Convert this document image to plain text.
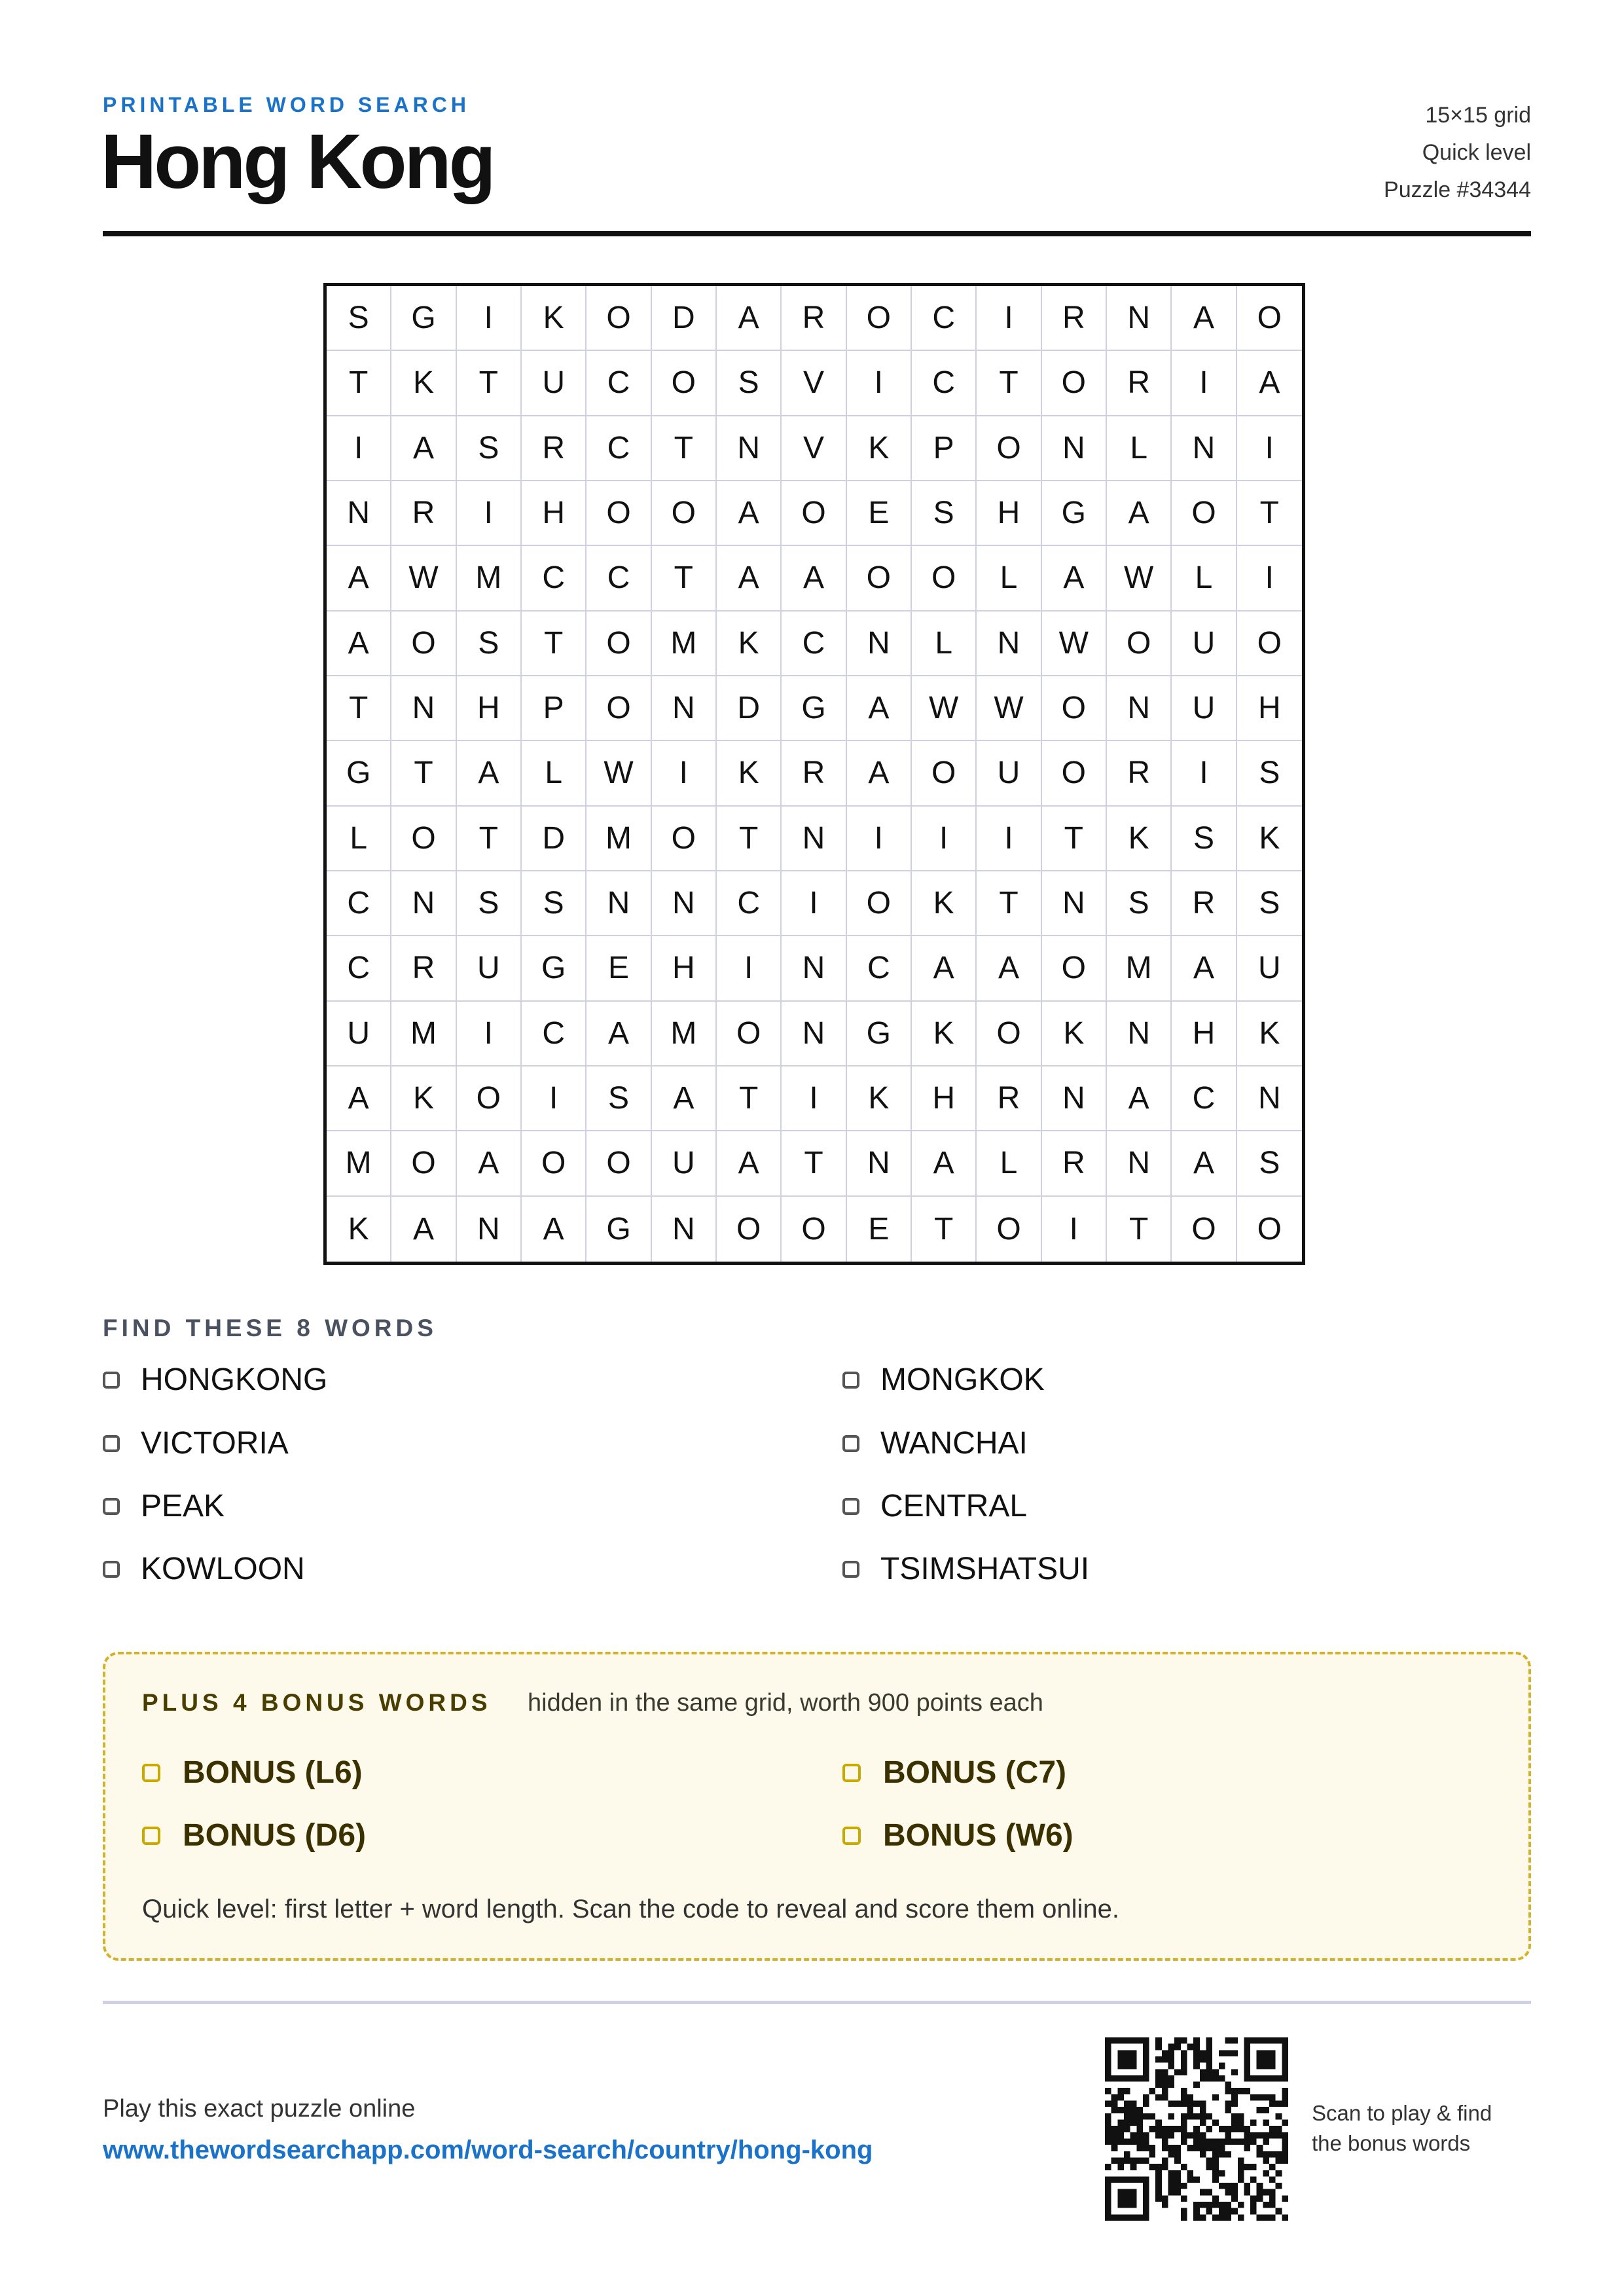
PRINTABLE WORD SEARCH
Hong Kong
15×15 grid
Quick level
Puzzle #34344
S	G	I	K	O	D	A	R	O	C	I	R	N	A	O
T	K	T	U	C	O	S	V	I	C	T	O	R	I	A
I	A	S	R	C	T	N	V	K	P	O	N	L	N	I
N	R	I	H	O	O	A	O	E	S	H	G	A	O	T
A	W	M	C	C	T	A	A	O	O	L	A	W	L	I
A	O	S	T	O	M	K	C	N	L	N	W	O	U	O
T	N	H	P	O	N	D	G	A	W	W	O	N	U	H
G	T	A	L	W	I	K	R	A	O	U	O	R	I	S
L	O	T	D	M	O	T	N	I	I	I	T	K	S	K
C	N	S	S	N	N	C	I	O	K	T	N	S	R	S
C	R	U	G	E	H	I	N	C	A	A	O	M	A	U
U	M	I	C	A	M	O	N	G	K	O	K	N	H	K
A	K	O	I	S	A	T	I	K	H	R	N	A	C	N
M	O	A	O	O	U	A	T	N	A	L	R	N	A	S
K	A	N	A	G	N	O	O	E	T	O	I	T	O	O
FIND THESE 8 WORDS
HONGKONG	MONGKOK
VICTORIA	WANCHAI
PEAK	CENTRAL
KOWLOON	TSIMSHATSUI
PLUS 4 BONUS WORDS hidden in the same grid, worth 900 points each
BONUS (L6)	BONUS (C7)
BONUS (D6)	BONUS (W6)
Quick level: first letter + word length. Scan the code to reveal and score them online.
Play this exact puzzle online
www.thewordsearchapp.com/word-search/country/hong-kong
Scan to play & find
the bonus words
